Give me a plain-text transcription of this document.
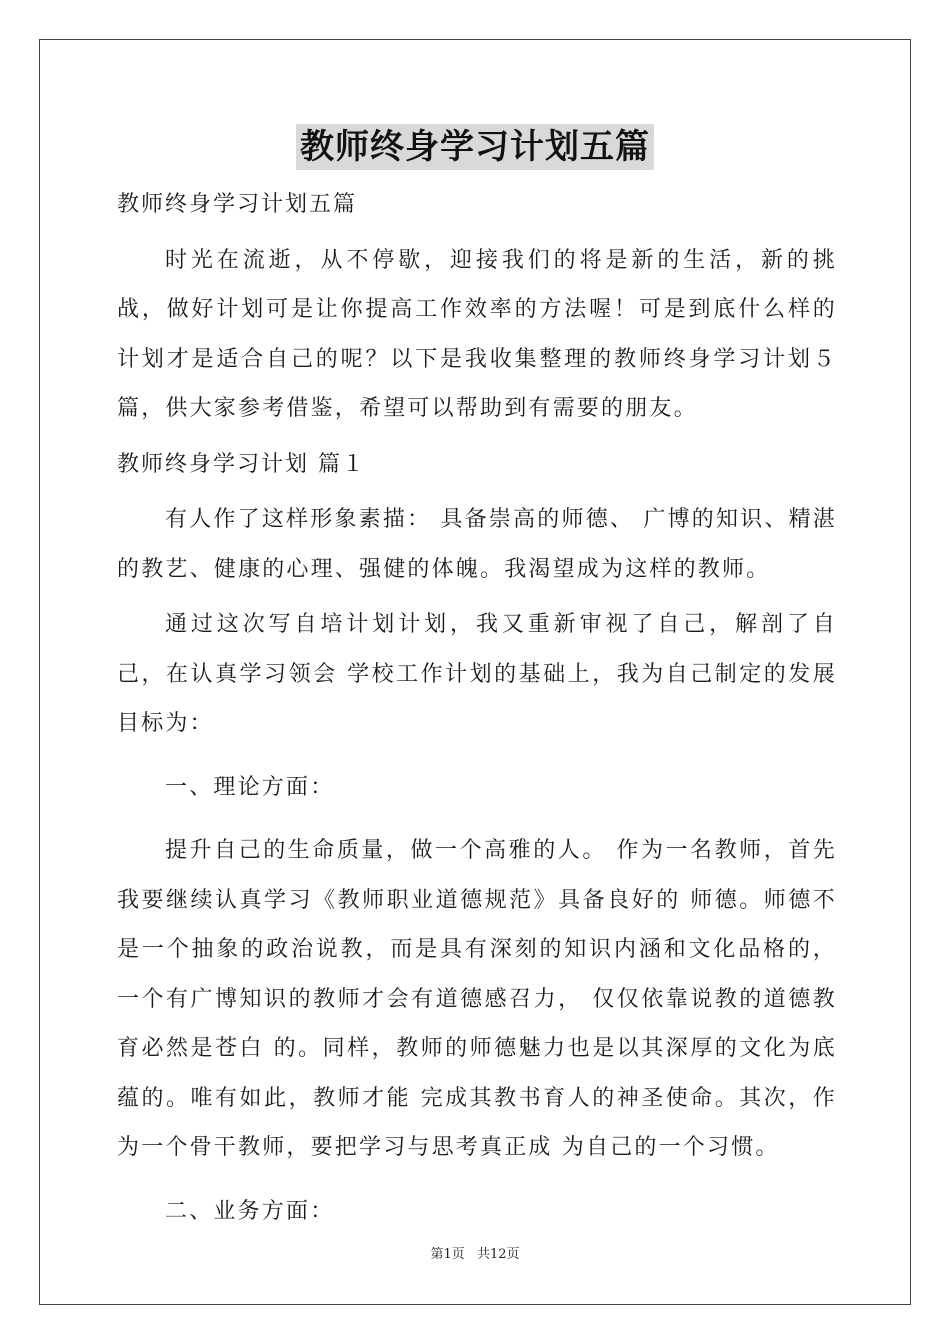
教师终身学习计划五篇

教师终身学习计划五篇

时光在流逝，从不停歇，迎接我们的将是新的生活，新的挑战，做好计划可是让你提高工作效率的方法喔！可是到底什么样的计划才是适合自己的呢？以下是我收集整理的教师终身学习计划５篇，供大家参考借鉴，希望可以帮助到有需要的朋友。

教师终身学习计划 篇１

有人作了这样形象素描： 具备崇高的师德、 广博的知识、精湛的教艺、健康的心理、强健的体魄。我渴望成为这样的教师。

通过这次写自培计划计划，我又重新审视了自己，解剖了自己，在认真学习领会 学校工作计划的基础上，我为自己制定的发展目标为：

一、理论方面：

提升自己的生命质量，做一个高雅的人。 作为一名教师，首先我要继续认真学习《教师职业道德规范》具备良好的 师德。师德不是一个抽象的政治说教，而是具有深刻的知识内涵和文化品格的，一个有广博知识的教师才会有道德感召力， 仅仅依靠说教的道德教育必然是苍白 的。同样，教师的师德魅力也是以其深厚的文化为底蕴的。唯有如此，教师才能 完成其教书育人的神圣使命。其次，作为一个骨干教师，要把学习与思考真正成 为自己的一个习惯。

二、业务方面：

第1页 共12页
